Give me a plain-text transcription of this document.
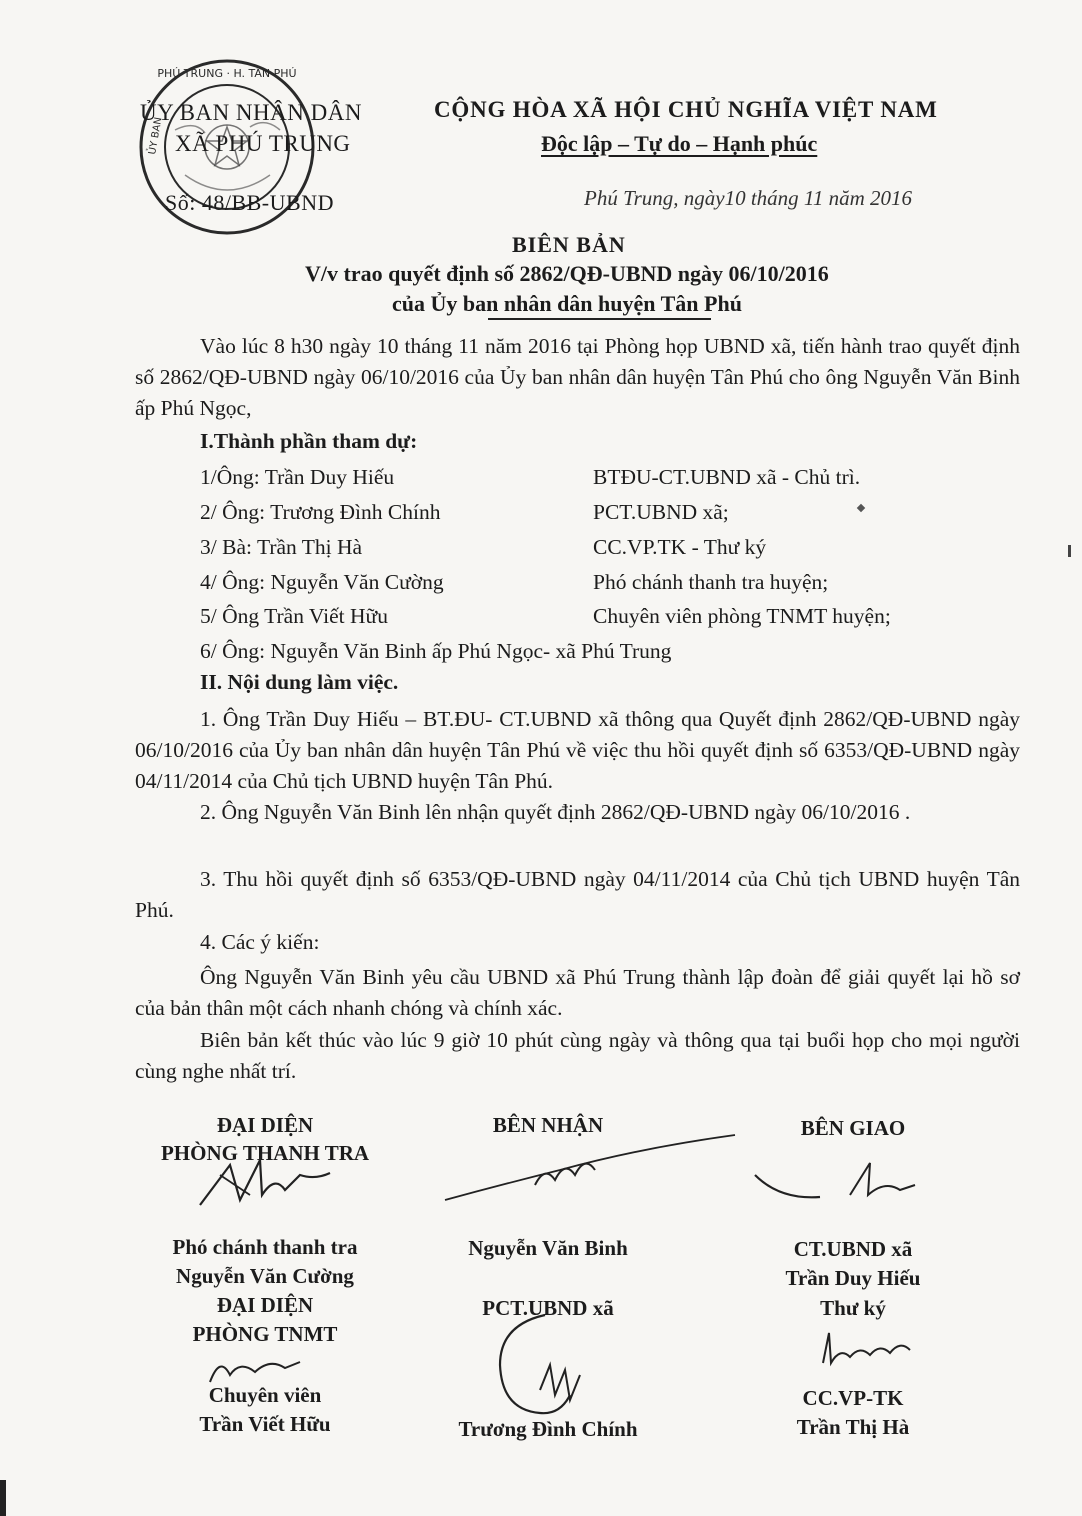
PHÚ TRUNG · H. TÂN PHÚ
ỦY BAN
ỦY BAN NHÂN DÂN
XÃ PHÚ TRUNG
Số: 48/BB-UBND
CỘNG HÒA XÃ HỘI CHỦ NGHĨA VIỆT NAM
Độc lập – Tự do – Hạnh phúc
Phú Trung, ngày10 tháng 11 năm 2016
BIÊN BẢN
V/v trao quyết định số 2862/QĐ-UBND ngày 06/10/2016
của Ủy ban nhân dân huyện Tân Phú
Vào lúc 8 h30 ngày 10 tháng 11 năm 2016 tại Phòng họp UBND xã, tiến hành trao quyết định số 2862/QĐ-UBND ngày 06/10/2016 của Ủy ban nhân dân huyện Tân Phú cho ông Nguyễn Văn Binh ấp Phú Ngọc,
I.Thành phần tham dự:
1/Ông: Trần Duy Hiếu	BTĐU-CT.UBND xã - Chủ trì.
2/ Ông: Trương Đình Chính	PCT.UBND xã;
3/ Bà: Trần Thị Hà	CC.VP.TK - Thư ký
4/ Ông: Nguyễn Văn Cường	Phó chánh thanh tra huyện;
5/ Ông Trần Viết Hữu	Chuyên viên phòng TNMT huyện;
6/ Ông: Nguyễn Văn Binh ấp Phú Ngọc- xã Phú Trung
II. Nội dung làm việc.
1. Ông Trần Duy Hiếu – BT.ĐU- CT.UBND xã thông qua Quyết định 2862/QĐ-UBND ngày 06/10/2016 của Ủy ban nhân dân huyện Tân Phú về việc thu hồi quyết định số 6353/QĐ-UBND ngày 04/11/2014 của Chủ tịch UBND huyện Tân Phú.
2. Ông Nguyễn Văn Binh lên nhận quyết định 2862/QĐ-UBND ngày 06/10/2016 .
3. Thu hồi quyết định số 6353/QĐ-UBND ngày 04/11/2014 của Chủ tịch UBND huyện Tân Phú.
4. Các ý kiến:
Ông Nguyễn Văn Binh yêu cầu UBND xã Phú Trung thành lập đoàn để giải quyết lại hồ sơ của bản thân một cách nhanh chóng và chính xác.
Biên bản kết thúc vào lúc 9 giờ 10 phút cùng ngày và thông qua tại buổi họp cho mọi người cùng nghe nhất trí.
ĐẠI DIỆN
PHÒNG THANH TRA
Phó chánh thanh tra
Nguyễn Văn Cường
ĐẠI DIỆN
PHÒNG TNMT
Chuyên viên
Trần Viết Hữu
BÊN NHẬN
Nguyễn Văn Binh
PCT.UBND xã
Trương Đình Chính
BÊN GIAO
CT.UBND xã
Trần Duy Hiếu
Thư ký
CC.VP-TK
Trần Thị Hà
